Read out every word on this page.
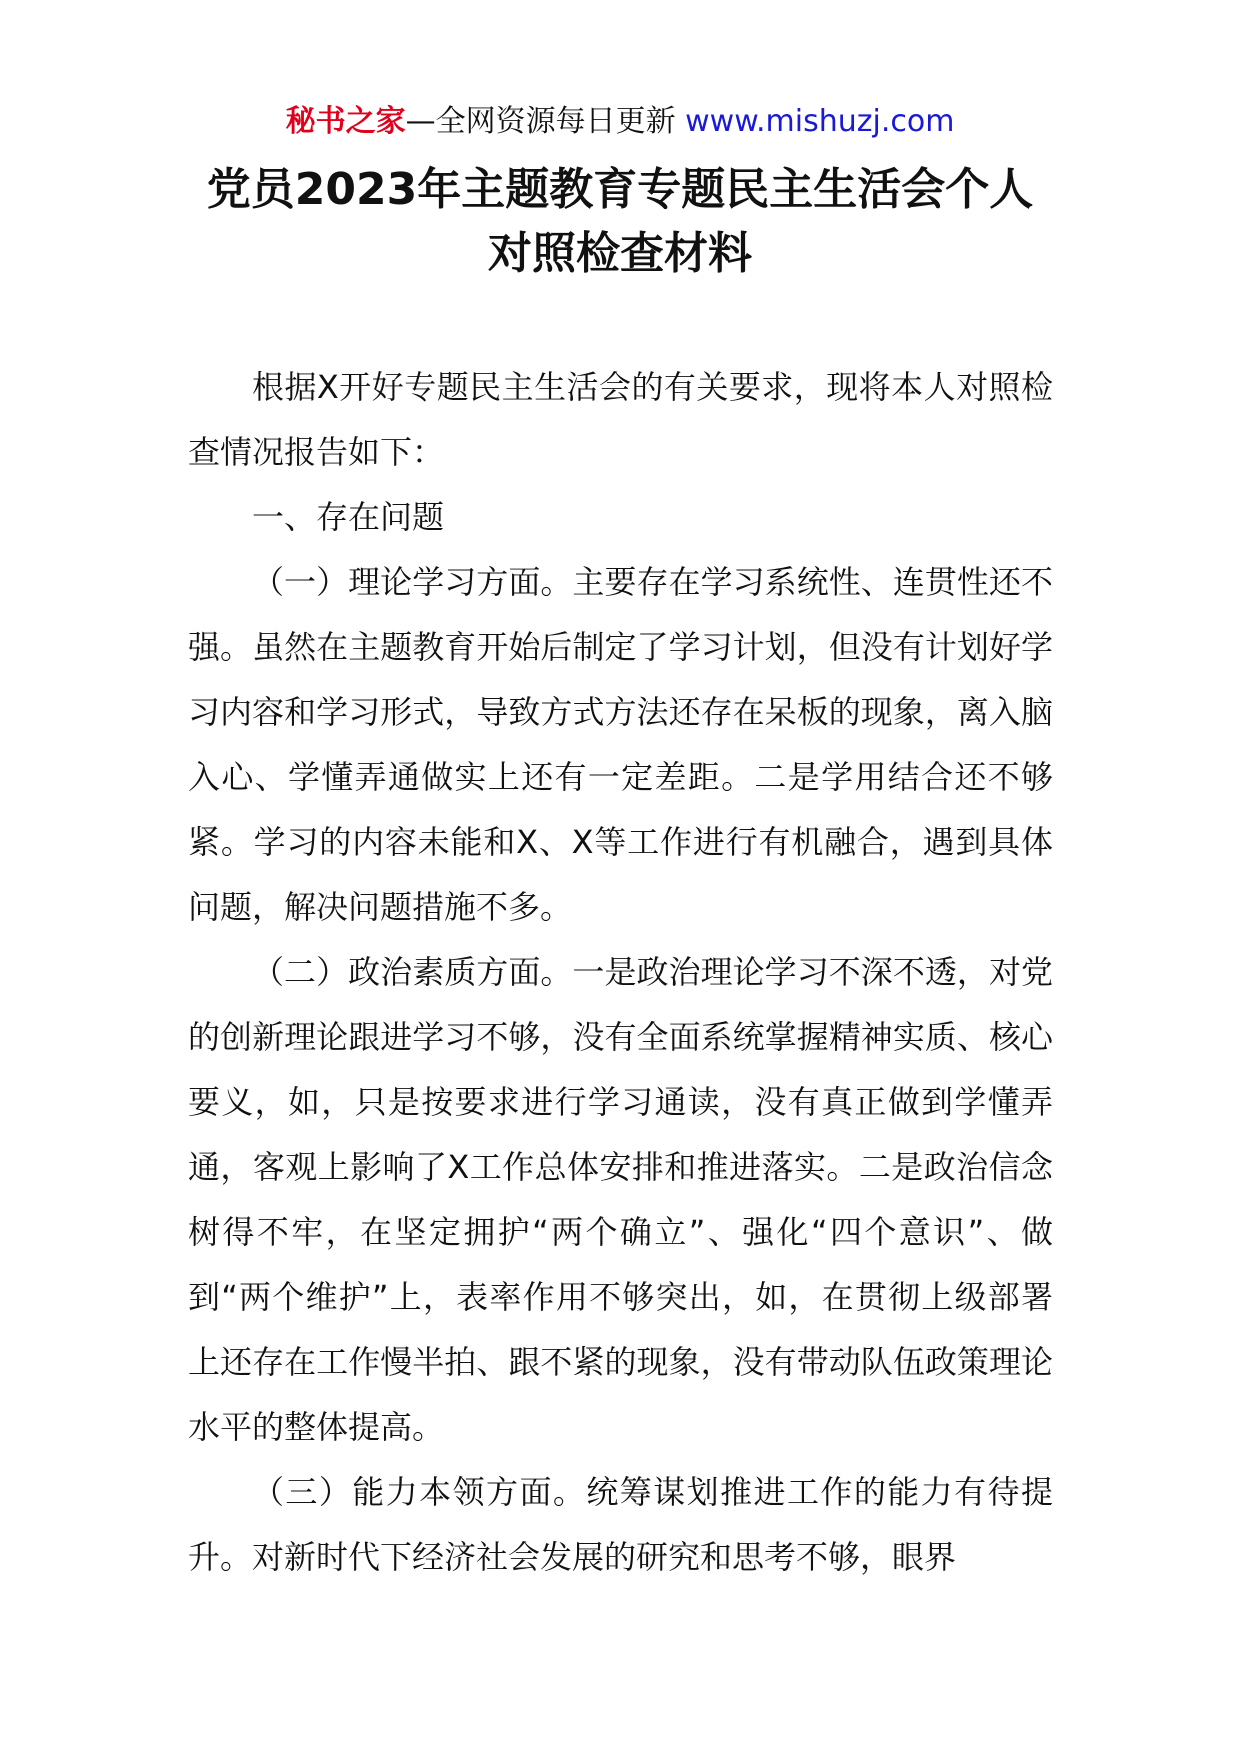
秘书之家—全网资源每日更新 www.mishuzj.com
党员2023年主题教育专题民主生活会个人
对照检查材料

根据X开好专题民主生活会的有关要求，现将本人对照检查情况报告如下：

一、存在问题

（一）理论学习方面。主要存在学习系统性、连贯性还不强。虽然在主题教育开始后制定了学习计划，但没有计划好学习内容和学习形式，导致方式方法还存在呆板的现象，离入脑入心、学懂弄通做实上还有一定差距。二是学用结合还不够紧。学习的内容未能和X、X等工作进行有机融合，遇到具体问题，解决问题措施不多。

（二）政治素质方面。一是政治理论学习不深不透，对党的创新理论跟进学习不够，没有全面系统掌握精神实质、核心要义，如，只是按要求进行学习通读，没有真正做到学懂弄通，客观上影响了X工作总体安排和推进落实。二是政治信念树得不牢，在坚定拥护“两个确立”、强化“四个意识”、做到“两个维护”上，表率作用不够突出，如，在贯彻上级部署上还存在工作慢半拍、跟不紧的现象，没有带动队伍政策理论水平的整体提高。

（三）能力本领方面。统筹谋划推进工作的能力有待提升。对新时代下经济社会发展的研究和思考不够，眼界
